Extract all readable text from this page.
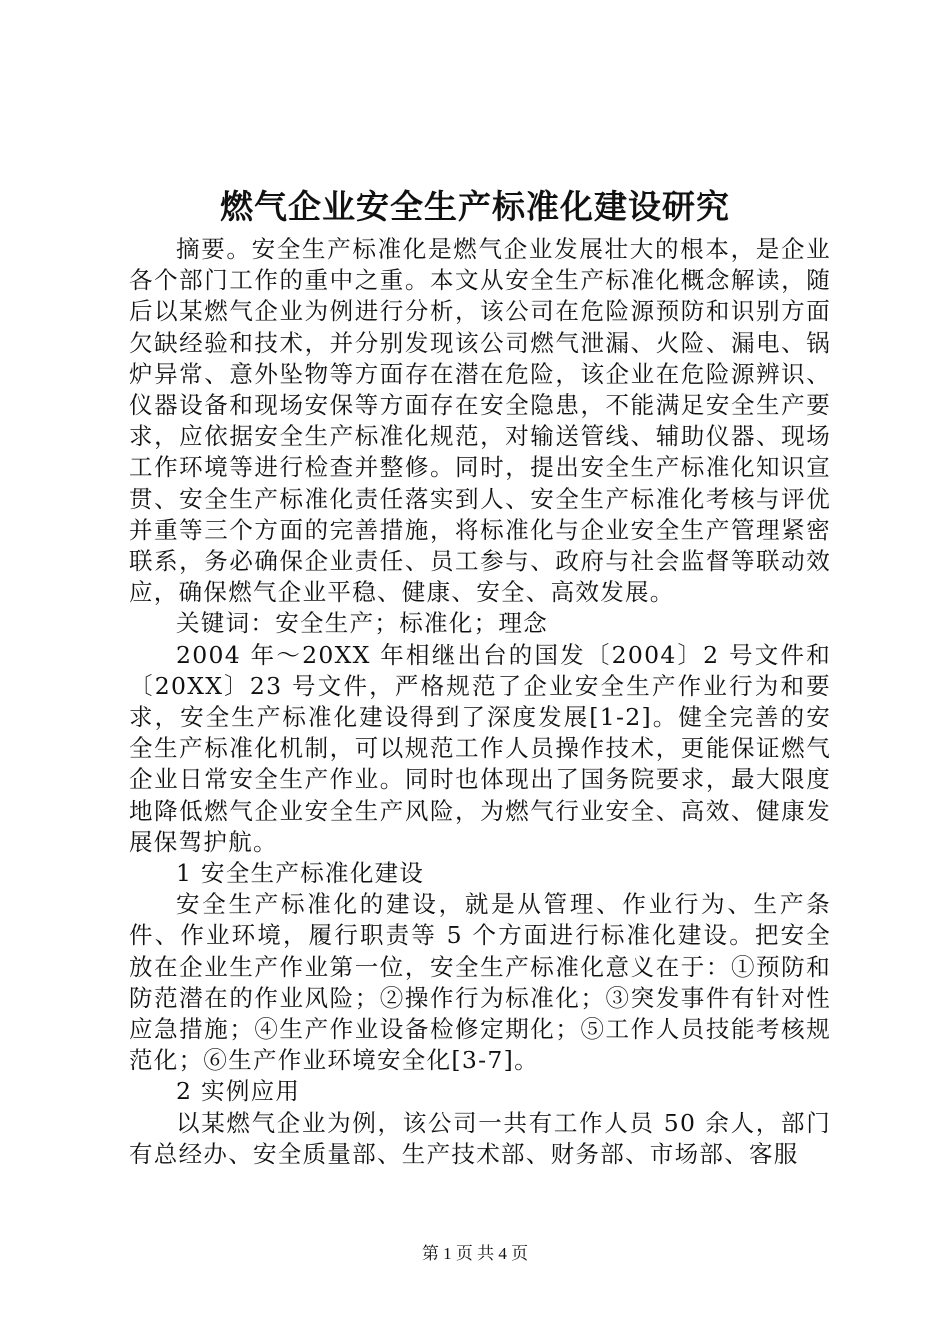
燃气企业安全生产标准化建设研究

摘要。安全生产标准化是燃气企业发展壮大的根本，是企业各个部门工作的重中之重。本文从安全生产标准化概念解读，随后以某燃气企业为例进行分析，该公司在危险源预防和识别方面欠缺经验和技术，并分别发现该公司燃气泄漏、火险、漏电、锅炉异常、意外坠物等方面存在潜在危险，该企业在危险源辨识、仪器设备和现场安保等方面存在安全隐患，不能满足安全生产要求，应依据安全生产标准化规范，对输送管线、辅助仪器、现场工作环境等进行检查并整修。同时，提出安全生产标准化知识宣贯、安全生产标准化责任落实到人、安全生产标准化考核与评优并重等三个方面的完善措施，将标准化与企业安全生产管理紧密联系，务必确保企业责任、员工参与、政府与社会监督等联动效应，确保燃气企业平稳、健康、安全、高效发展。

关键词：安全生产；标准化；理念

2004 年～20XX 年相继出台的国发〔2004〕2 号文件和〔20XX〕23 号文件，严格规范了企业安全生产作业行为和要求，安全生产标准化建设得到了深度发展[1-2]。健全完善的安全生产标准化机制，可以规范工作人员操作技术，更能保证燃气企业日常安全生产作业。同时也体现出了国务院要求，最大限度地降低燃气企业安全生产风险，为燃气行业安全、高效、健康发展保驾护航。

1 安全生产标准化建设

安全生产标准化的建设，就是从管理、作业行为、生产条件、作业环境，履行职责等 5 个方面进行标准化建设。把安全放在企业生产作业第一位，安全生产标准化意义在于：①预防和防范潜在的作业风险；②操作行为标准化；③突发事件有针对性应急措施；④生产作业设备检修定期化；⑤工作人员技能考核规范化；⑥生产作业环境安全化[3-7]。

2 实例应用

以某燃气企业为例，该公司一共有工作人员 50 余人，部门有总经办、安全质量部、生产技术部、财务部、市场部、客服

第 1 页 共 4 页
